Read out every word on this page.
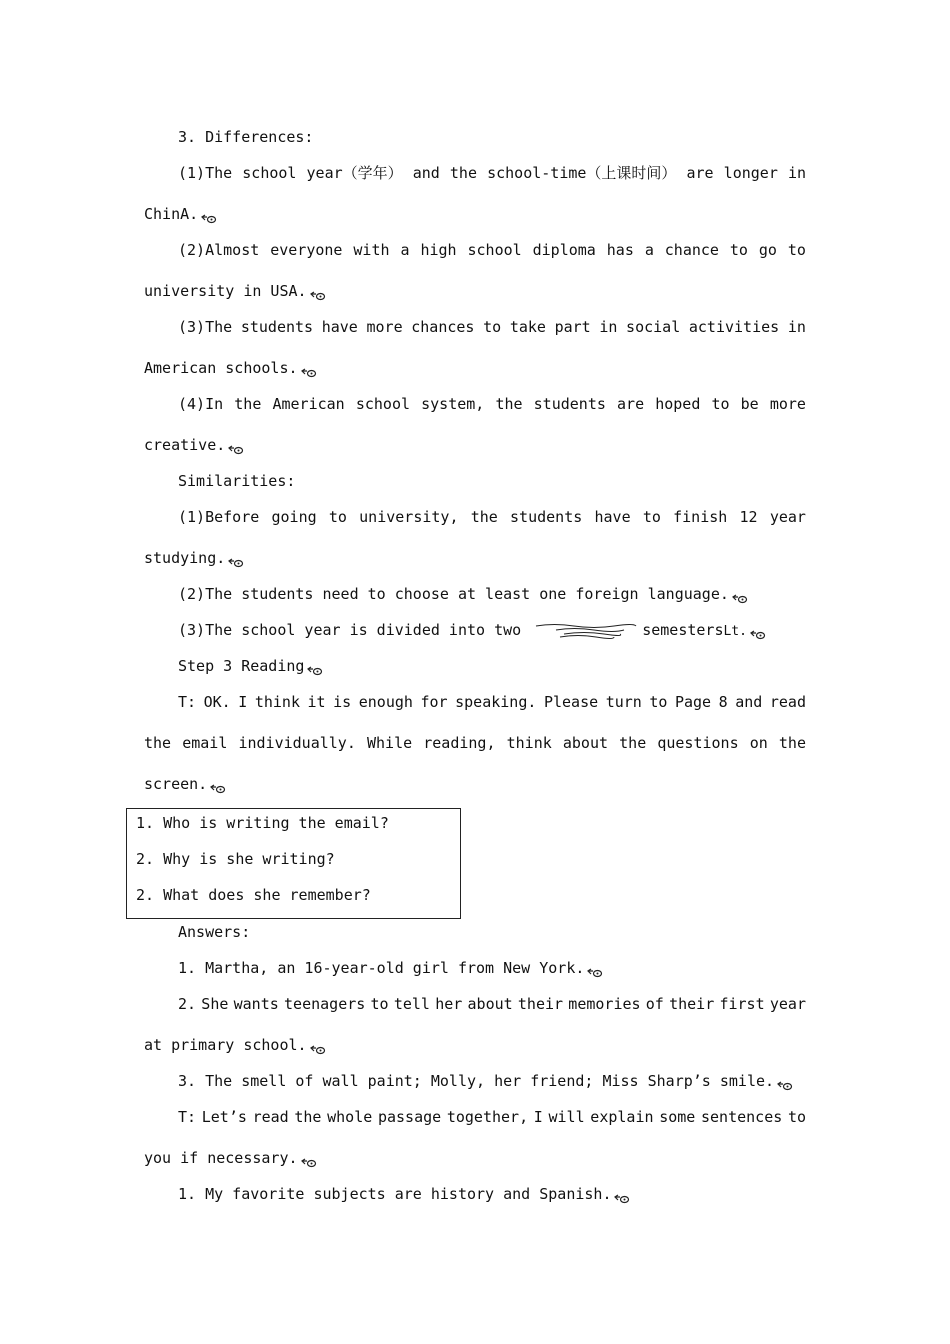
3. Differences:
(1)The school year（学年） and the school-time（上课时间） are longer in
ChinA.
(2)Almost everyone with a high school diploma has a chance to go to
university in USA.
(3)The students have more chances to take part in social activities in
American schools.
(4)In the American school system, the students are hoped to be more
creative.
Similarities:
(1)Before going to university, the students have to finish 12 year
studying.
(2)The students need to choose at least one foreign language.
(3)The school year is divided into two	semestersLt.
Step 3 Reading
T: OK. I think it is enough for speaking. Please turn to Page 8 and read
the email individually. While reading, think about the questions on the
screen.
1. Who is writing the email?
2. Why is she writing?
2. What does she remember?
Answers:
1. Martha, an 16-year-old girl from New York.
2. She wants teenagers to tell her about their memories of their first year
at primary school.
3. The smell of wall paint; Molly, her friend; Miss Sharp’s smile.
T: Let’s read the whole passage together, I will explain some sentences to
you if necessary.
1. My favorite subjects are history and Spanish.
